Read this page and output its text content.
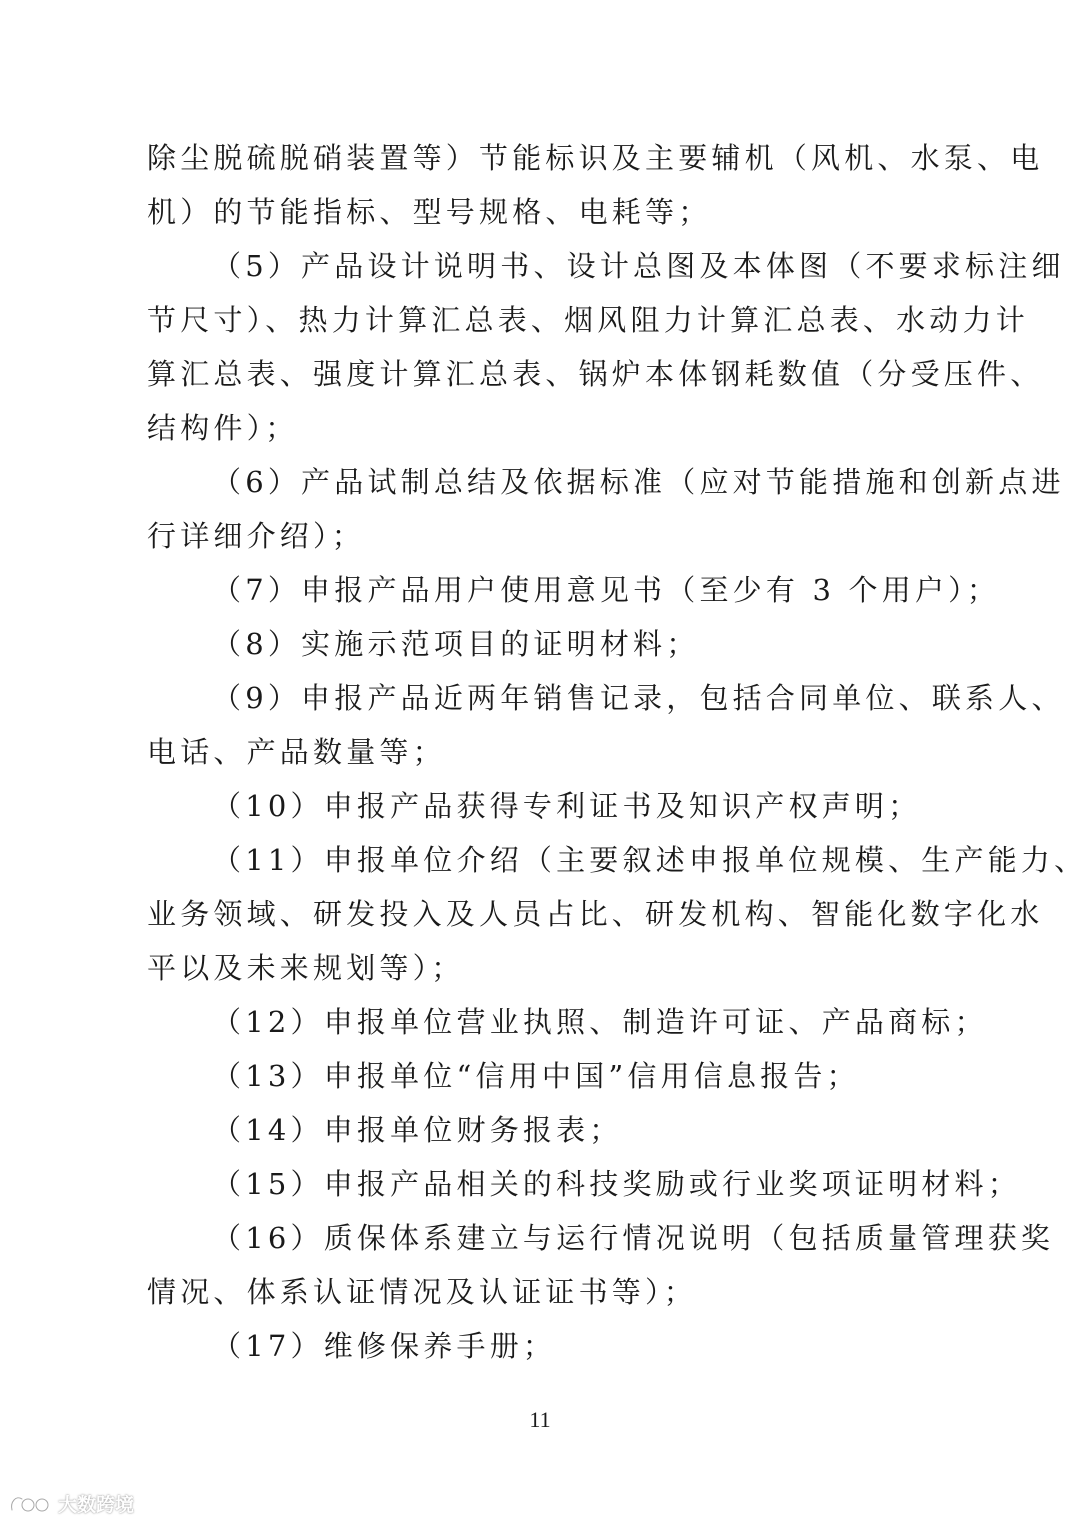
除尘脱硫脱硝装置等）节能标识及主要辅机（风机、水泵、电
机）的节能指标、型号规格、电耗等；
（5）产品设计说明书、设计总图及本体图（不要求标注细
节尺寸）、热力计算汇总表、烟风阻力计算汇总表、水动力计
算汇总表、强度计算汇总表、锅炉本体钢耗数值（分受压件、
结构件）；
（6）产品试制总结及依据标准（应对节能措施和创新点进
行详细介绍）；
（7）申报产品用户使用意见书（至少有 3 个用户）；
（8）实施示范项目的证明材料；
（9）申报产品近两年销售记录，包括合同单位、联系人、
电话、产品数量等；
（10）申报产品获得专利证书及知识产权声明；
（11）申报单位介绍（主要叙述申报单位规模、生产能力、
业务领域、研发投入及人员占比、研发机构、智能化数字化水
平以及未来规划等）；
（12）申报单位营业执照、制造许可证、产品商标；
（13）申报单位“信用中国”信用信息报告；
（14）申报单位财务报表；
（15）申报产品相关的科技奖励或行业奖项证明材料；
（16）质保体系建立与运行情况说明（包括质量管理获奖
情况、体系认证情况及认证证书等）；
（17）维修保养手册；
11
大数跨境
